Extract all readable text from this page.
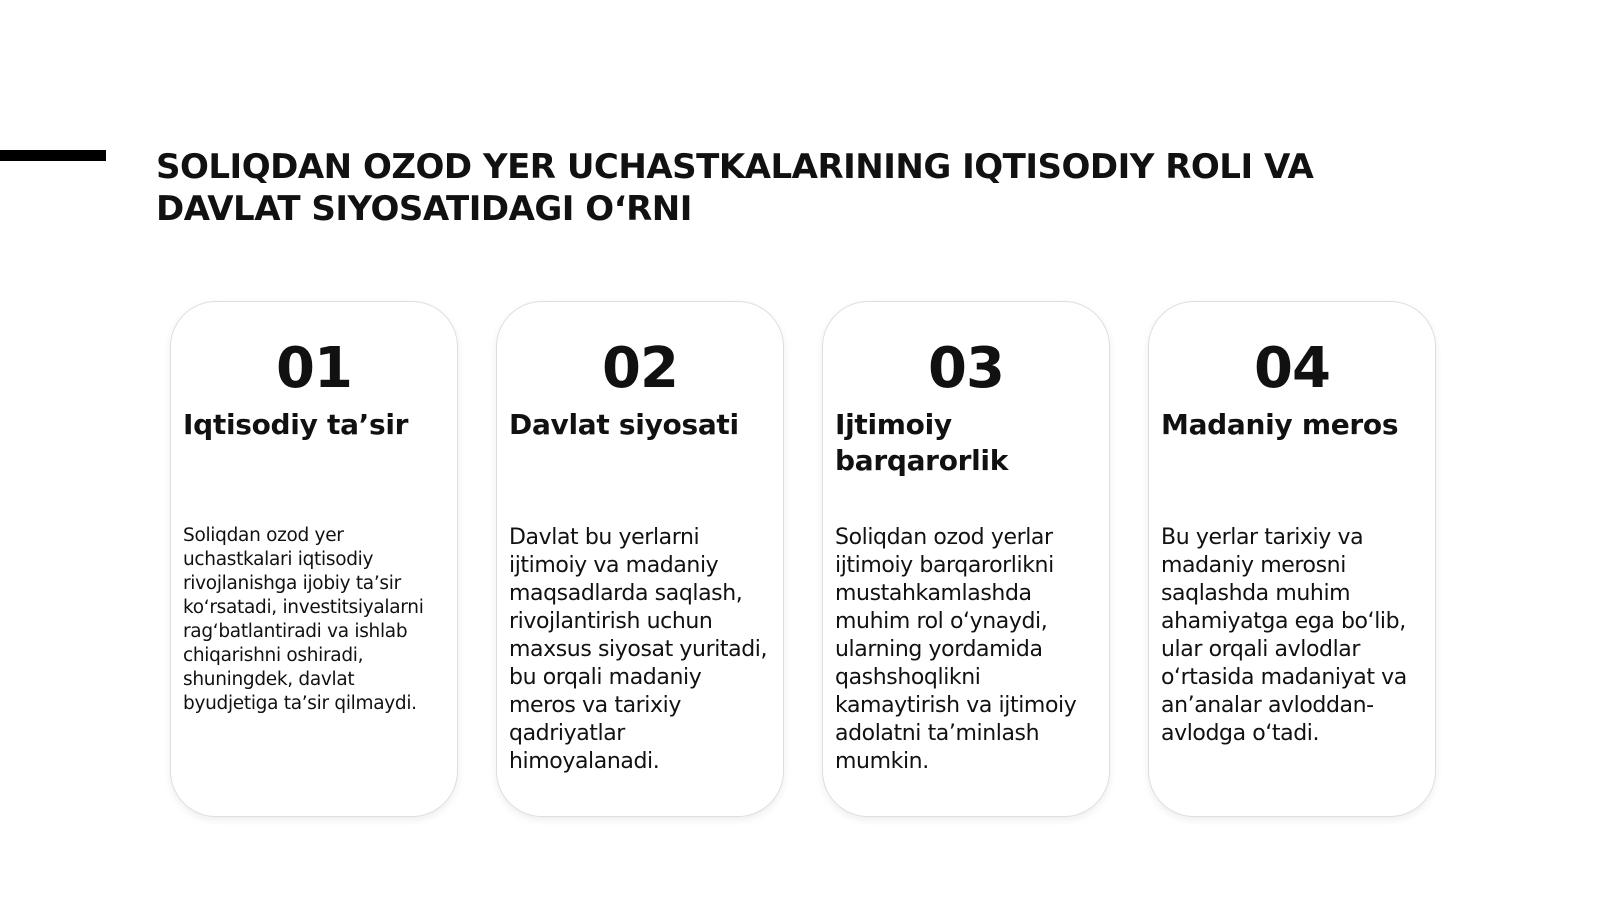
SOLIQDAN OZOD YER UCHASTKALARINING IQTISODIY ROLI VA DAVLAT SIYOSATIDAGI O‘RNI
01
Iqtisodiy ta’sir
Soliqdan ozod yer uchastkalari iqtisodiy rivojlanishga ijobiy ta’sir ko‘rsatadi, investitsiyalarni rag‘batlantiradi va ishlab chiqarishni oshiradi, shuningdek, davlat byudjetiga ta’sir qilmaydi.
02
Davlat siyosati
Davlat bu yerlarni ijtimoiy va madaniy maqsadlarda saqlash, rivojlantirish uchun maxsus siyosat yuritadi, bu orqali madaniy meros va tarixiy qadriyatlar himoyalanadi.
03
Ijtimoiy barqarorlik
Soliqdan ozod yerlar ijtimoiy barqarorlikni mustahkamlashda muhim rol o‘ynaydi, ularning yordamida qashshoqlikni kamaytirish va ijtimoiy adolatni ta’minlash mumkin.
04
Madaniy meros
Bu yerlar tarixiy va madaniy merosni saqlashda muhim ahamiyatga ega bo‘lib, ular orqali avlodlar o‘rtasida madaniyat va an’analar avloddan-avlodga o‘tadi.
